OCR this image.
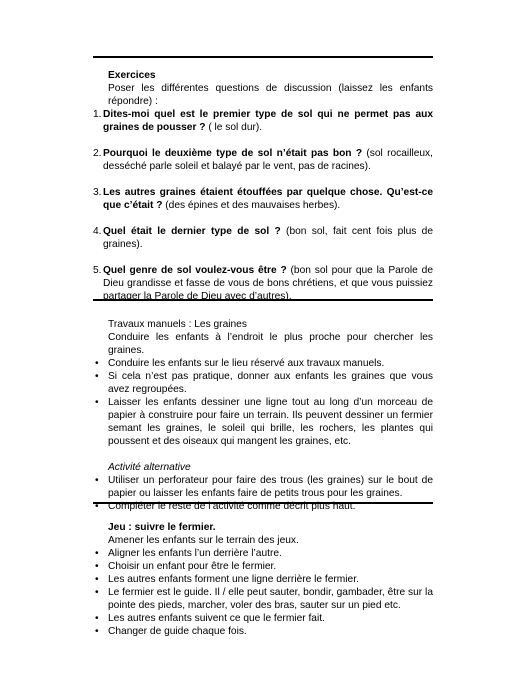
Exercices
Poser les différentes questions de discussion (laissez les enfants répondre) :
1. Dites-moi quel est le premier type de sol qui ne permet pas aux graines de pousser ? ( le sol dur).
2. Pourquoi le deuxième type de sol n’était pas bon ? (sol rocailleux, desséché parle soleil et balayé par le vent, pas de racines).
3. Les autres graines étaient étouffées par quelque chose. Qu’est-ce que c’était ? (des épines et des mauvaises herbes).
4. Quel était le dernier type de sol ? (bon sol, fait cent fois plus de graines).
5. Quel genre de sol voulez-vous être ? (bon sol pour que la Parole de Dieu grandisse et fasse de vous de bons chrétiens, et que vous puissiez partager la Parole de Dieu avec d’autres).
Travaux manuels : Les graines
Conduire les enfants à l’endroit le plus proche pour chercher les graines.
• Conduire les enfants sur le lieu réservé aux travaux manuels.
• Si cela n’est pas pratique, donner aux enfants les graines que vous avez regroupées.
• Laisser les enfants dessiner une ligne tout au long d’un morceau de papier à construire pour faire un terrain. Ils peuvent dessiner un fermier semant les graines, le soleil qui brille, les rochers, les plantes qui poussent et des oiseaux qui mangent les graines, etc.
Activité alternative
• Utiliser un perforateur pour faire des trous (les graines) sur le bout de papier ou laisser les enfants faire de petits trous pour les graines.
• Compléter le reste de l’activité comme décrit plus haut.
Jeu : suivre le fermier.
Amener les enfants sur le terrain des jeux.
• Aligner les enfants l’un derrière l’autre.
• Choisir un enfant pour être le fermier.
• Les autres enfants forment une ligne derrière le fermier.
• Le fermier est le guide. Il / elle peut sauter, bondir, gambader, être sur la pointe des pieds, marcher, voler des bras, sauter sur un pied etc.
• Les autres enfants suivent ce que le fermier fait.
• Changer de guide chaque fois.
